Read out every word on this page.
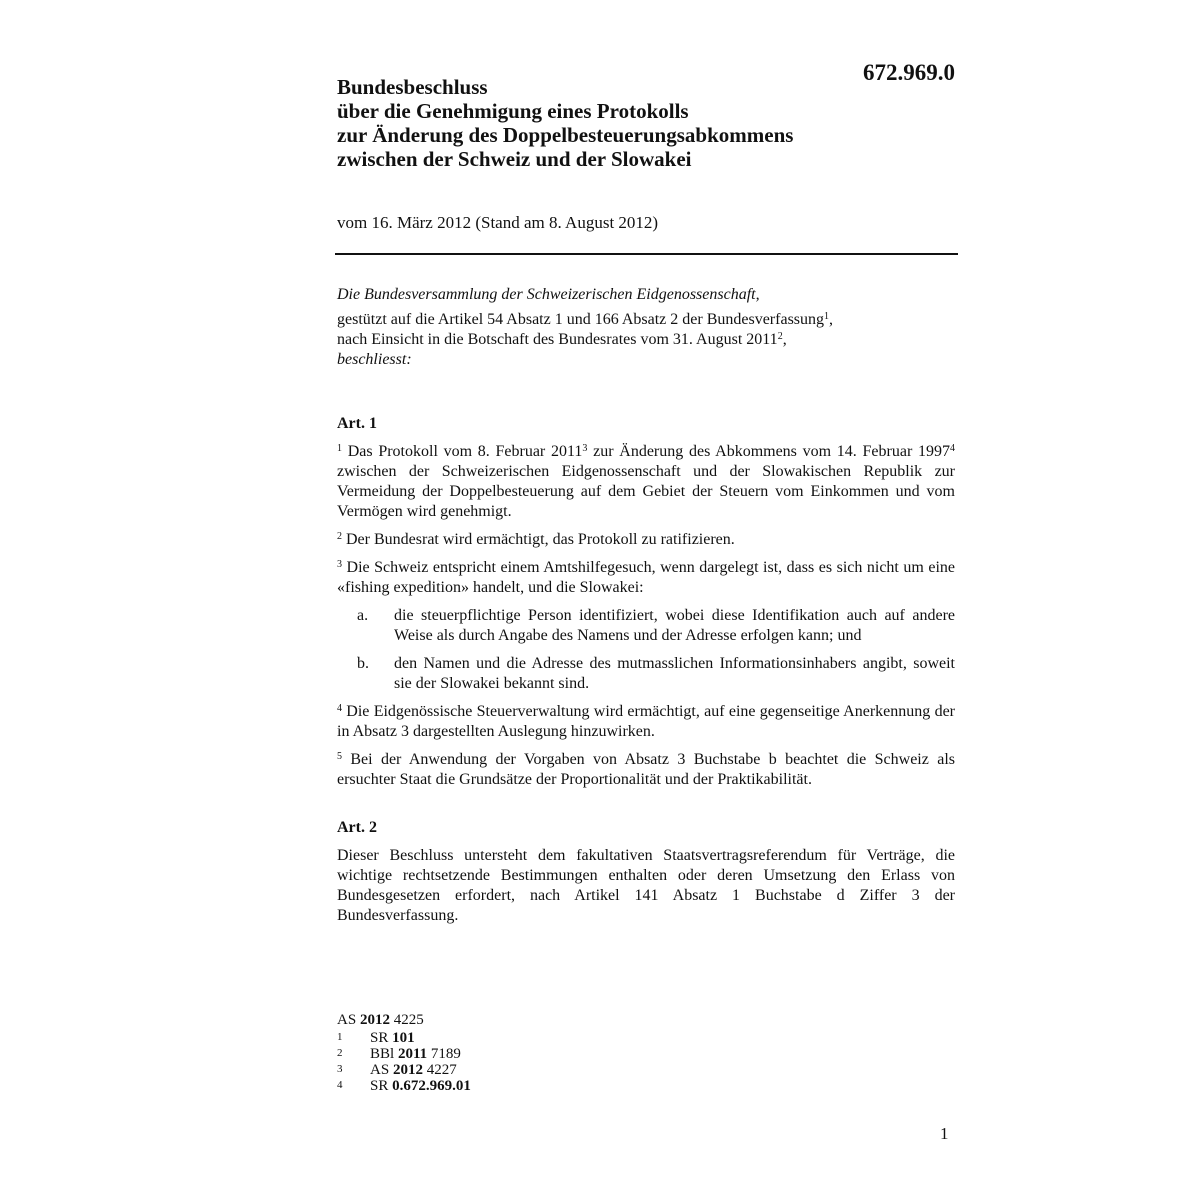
672.969.0
Bundesbeschluss
über die Genehmigung eines Protokolls
zur Änderung des Doppelbesteuerungsabkommens
zwischen der Schweiz und der Slowakei
vom 16. März 2012 (Stand am 8. August 2012)
Die Bundesversammlung der Schweizerischen Eidgenossenschaft,
gestützt auf die Artikel 54 Absatz 1 und 166 Absatz 2 der Bundesverfassung$^1$,
nach Einsicht in die Botschaft des Bundesrates vom 31. August 2011$^2$,
beschliesst:
Art. 1
$^1$ Das Protokoll vom 8. Februar 2011$^3$ zur Änderung des Abkommens vom 14. Februar 1997$^4$ zwischen der Schweizerischen Eidgenossenschaft und der Slowakischen Republik zur Vermeidung der Doppelbesteuerung auf dem Gebiet der Steuern vom Einkommen und vom Vermögen wird genehmigt.
$^2$ Der Bundesrat wird ermächtigt, das Protokoll zu ratifizieren.
$^3$ Die Schweiz entspricht einem Amtshilfegesuch, wenn dargelegt ist, dass es sich nicht um eine «fishing expedition» handelt, und die Slowakei:
a.	die steuerpflichtige Person identifiziert, wobei diese Identifikation auch auf andere Weise als durch Angabe des Namens und der Adresse erfolgen kann; und
b.	den Namen und die Adresse des mutmasslichen Informationsinhabers angibt, soweit sie der Slowakei bekannt sind.
$^4$ Die Eidgenössische Steuerverwaltung wird ermächtigt, auf eine gegenseitige Anerkennung der in Absatz 3 dargestellten Auslegung hinzuwirken.
$^5$ Bei der Anwendung der Vorgaben von Absatz 3 Buchstabe b beachtet die Schweiz als ersuchter Staat die Grundsätze der Proportionalität und der Praktikabilität.
Art. 2
Dieser Beschluss untersteht dem fakultativen Staatsvertragsreferendum für Verträge, die wichtige rechtsetzende Bestimmungen enthalten oder deren Umsetzung den Erlass von Bundesgesetzen erfordert, nach Artikel 141 Absatz 1 Buchstabe d Ziffer 3 der Bundesverfassung.
AS 2012 4225
1	SR 101
2	BBl 2011 7189
3	AS 2012 4227
4	SR 0.672.969.01
1
